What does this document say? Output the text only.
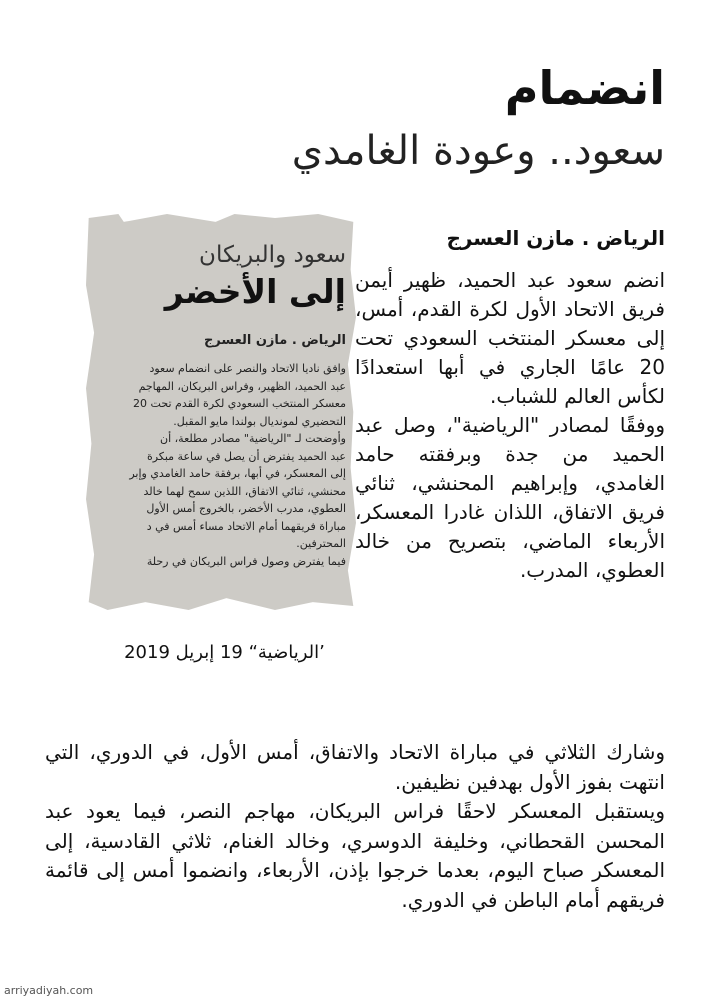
انضمام
سعود.. وعودة الغامدي
الرياض . مازن العسرج

انضم سعود عبد الحميد، ظهير أيمن فريق الاتحاد الأول لكرة القدم، أمس، إلى معسكر المنتخب السعودي تحت 20 عامًا الجاري في أبها استعدادًا لكأس العالم للشباب.

ووفقًا لمصادر "الرياضية"، وصل عبد الحميد من جدة وبرفقته حامد الغامدي، وإبراهيم المحنشي، ثنائي فريق الاتفاق، اللذان غادرا المعسكر، الأربعاء الماضي، بتصريح من خالد العطوي، المدرب.

وشارك الثلاثي في مباراة الاتحاد والاتفاق، أمس الأول، في الدوري، التي انتهت بفوز الأول بهدفين نظيفين.

ويستقبل المعسكر لاحقًا فراس البريكان، مهاجم النصر، فيما يعود عبد المحسن القحطاني، وخليفة الدوسري، وخالد الغنام، ثلاثي القادسية، إلى المعسكر صباح اليوم، بعدما خرجوا بإذن، الأربعاء، وانضموا أمس إلى قائمة فريقهم أمام الباطن في الدوري.

سعود والبريكان
إلى الأخضر
الرياض . مازن العسرج
وافق ناديا الاتحاد والنصر على انضمام سعود
عبد الحميد، الظهير، وفراس البريكان، المهاجم
معسكر المنتخب السعودي لكرة القدم تحت 20
التحضيري لمونديال بولندا مايو المقبل.
وأوضحت لـ "الرياضية" مصادر مطلعة، أن
عبد الحميد يفترض أن يصل في ساعة مبكرة
إلى المعسكر، في أبها، برفقة حامد الغامدي وإبر
محنشي، ثنائي الاتفاق، اللذين سمح لهما خالد
العطوي، مدرب الأخضر، بالخروج أمس الأول
مباراة فريقهما أمام الاتحاد مساء أمس في د
المحترفين.
فيما يفترض وصول فراس البريكان في رحلة
’الرياضية“ 19 إبريل 2019
arriyadiyah.com
